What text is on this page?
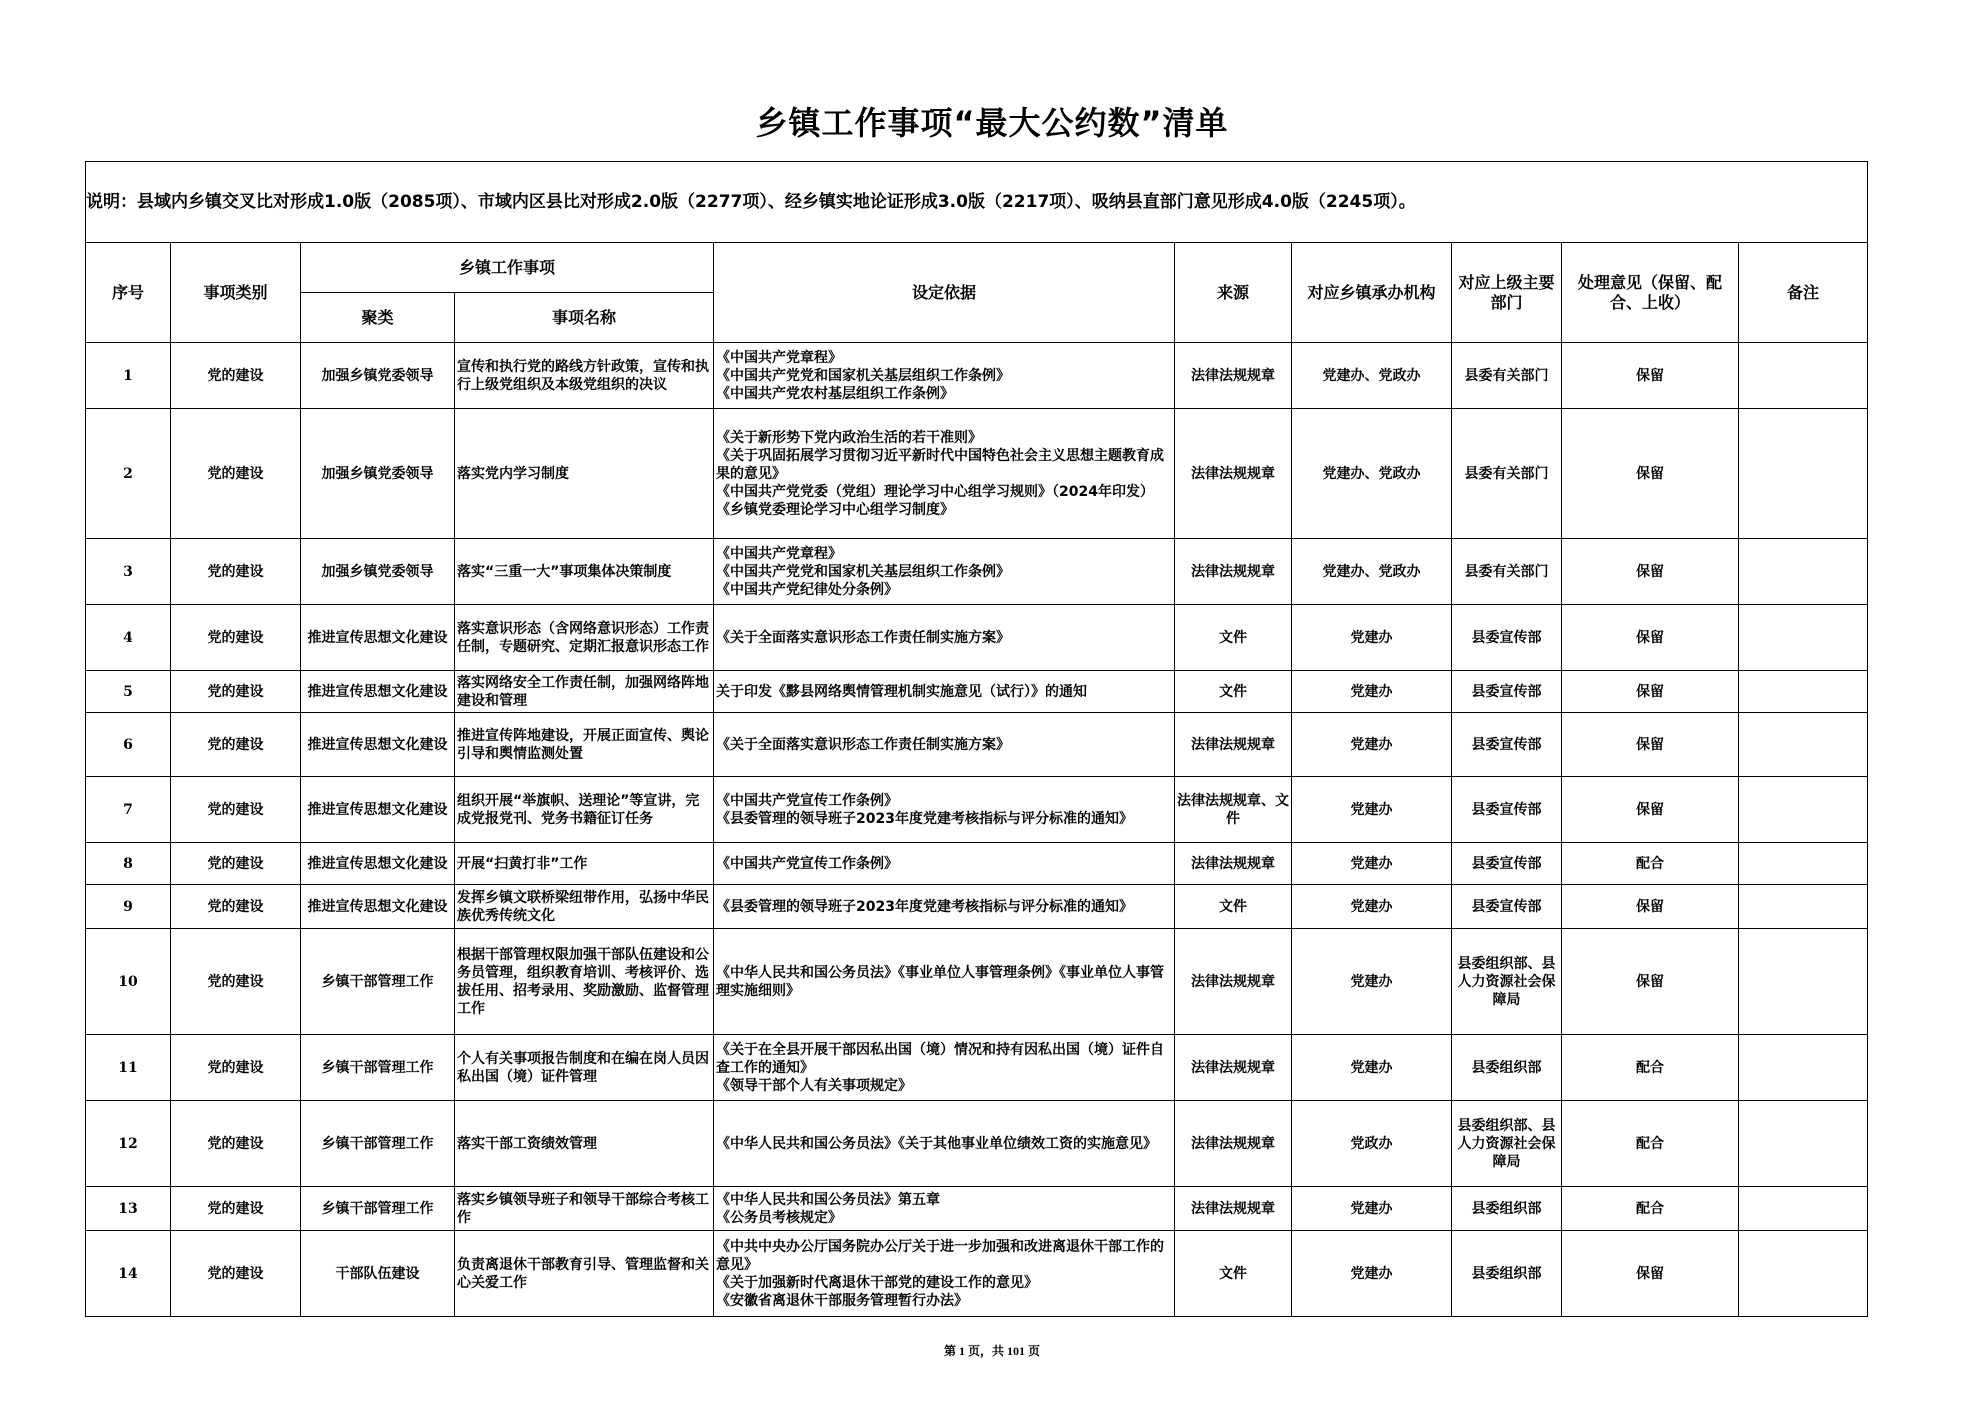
乡镇工作事项“最大公约数”清单
说明：县域内乡镇交叉比对形成1.0版（2085项）、市域内区县比对形成2.0版（2277项）、经乡镇实地论证形成3.0版（2217项）、吸纳县直部门意见形成4.0版（2245项）。									
序号	事项类别	乡镇工作事项		设定依据	来源	对应乡镇承办机构	对应上级主要部门	处理意见（保留、配合、上收）	备注
		聚类	事项名称						
1	党的建设	加强乡镇党委领导	宣传和执行党的路线方针政策，宣传和执行上级党组织及本级党组织的决议	《中国共产党章程》
《中国共产党党和国家机关基层组织工作条例》
《中国共产党农村基层组织工作条例》	法律法规规章	党建办、党政办	县委有关部门	保留	
2	党的建设	加强乡镇党委领导	落实党内学习制度	《关于新形势下党内政治生活的若干准则》
《关于巩固拓展学习贯彻习近平新时代中国特色社会主义思想主题教育成果的意见》
《中国共产党党委（党组）理论学习中心组学习规则》（2024年印发）
《乡镇党委理论学习中心组学习制度》	法律法规规章	党建办、党政办	县委有关部门	保留	
3	党的建设	加强乡镇党委领导	落实“三重一大”事项集体决策制度	《中国共产党章程》
《中国共产党党和国家机关基层组织工作条例》
《中国共产党纪律处分条例》	法律法规规章	党建办、党政办	县委有关部门	保留	
4	党的建设	推进宣传思想文化建设	落实意识形态（含网络意识形态）工作责任制，专题研究、定期汇报意识形态工作	《关于全面落实意识形态工作责任制实施方案》	文件	党建办	县委宣传部	保留	
5	党的建设	推进宣传思想文化建设	落实网络安全工作责任制，加强网络阵地建设和管理	关于印发《黟县网络舆情管理机制实施意见（试行）》的通知	文件	党建办	县委宣传部	保留	
6	党的建设	推进宣传思想文化建设	推进宣传阵地建设，开展正面宣传、舆论引导和舆情监测处置	《关于全面落实意识形态工作责任制实施方案》	法律法规规章	党建办	县委宣传部	保留	
7	党的建设	推进宣传思想文化建设	组织开展“举旗帜、送理论”等宣讲，完成党报党刊、党务书籍征订任务	《中国共产党宣传工作条例》
《县委管理的领导班子2023年度党建考核指标与评分标准的通知》	法律法规规章、文件	党建办	县委宣传部	保留	
8	党的建设	推进宣传思想文化建设	开展“扫黄打非”工作	《中国共产党宣传工作条例》	法律法规规章	党建办	县委宣传部	配合	
9	党的建设	推进宣传思想文化建设	发挥乡镇文联桥梁纽带作用，弘扬中华民族优秀传统文化	《县委管理的领导班子2023年度党建考核指标与评分标准的通知》	文件	党建办	县委宣传部	保留	
10	党的建设	乡镇干部管理工作	根据干部管理权限加强干部队伍建设和公务员管理，组织教育培训、考核评价、选拔任用、招考录用、奖励激励、监督管理工作	《中华人民共和国公务员法》《事业单位人事管理条例》《事业单位人事管理实施细则》	法律法规规章	党建办	县委组织部、县人力资源社会保障局	保留	
11	党的建设	乡镇干部管理工作	个人有关事项报告制度和在编在岗人员因私出国（境）证件管理	《关于在全县开展干部因私出国（境）情况和持有因私出国（境）证件自查工作的通知》
《领导干部个人有关事项规定》	法律法规规章	党建办	县委组织部	配合	
12	党的建设	乡镇干部管理工作	落实干部工资绩效管理	《中华人民共和国公务员法》《关于其他事业单位绩效工资的实施意见》	法律法规规章	党政办	县委组织部、县人力资源社会保障局	配合	
13	党的建设	乡镇干部管理工作	落实乡镇领导班子和领导干部综合考核工作	《中华人民共和国公务员法》第五章
《公务员考核规定》	法律法规规章	党建办	县委组织部	配合	
14	党的建设	干部队伍建设	负责离退休干部教育引导、管理监督和关心关爱工作	《中共中央办公厅国务院办公厅关于进一步加强和改进离退休干部工作的意见》
《关于加强新时代离退休干部党的建设工作的意见》
《安徽省离退休干部服务管理暂行办法》	文件	党建办	县委组织部	保留	
第 1 页，共 101 页
